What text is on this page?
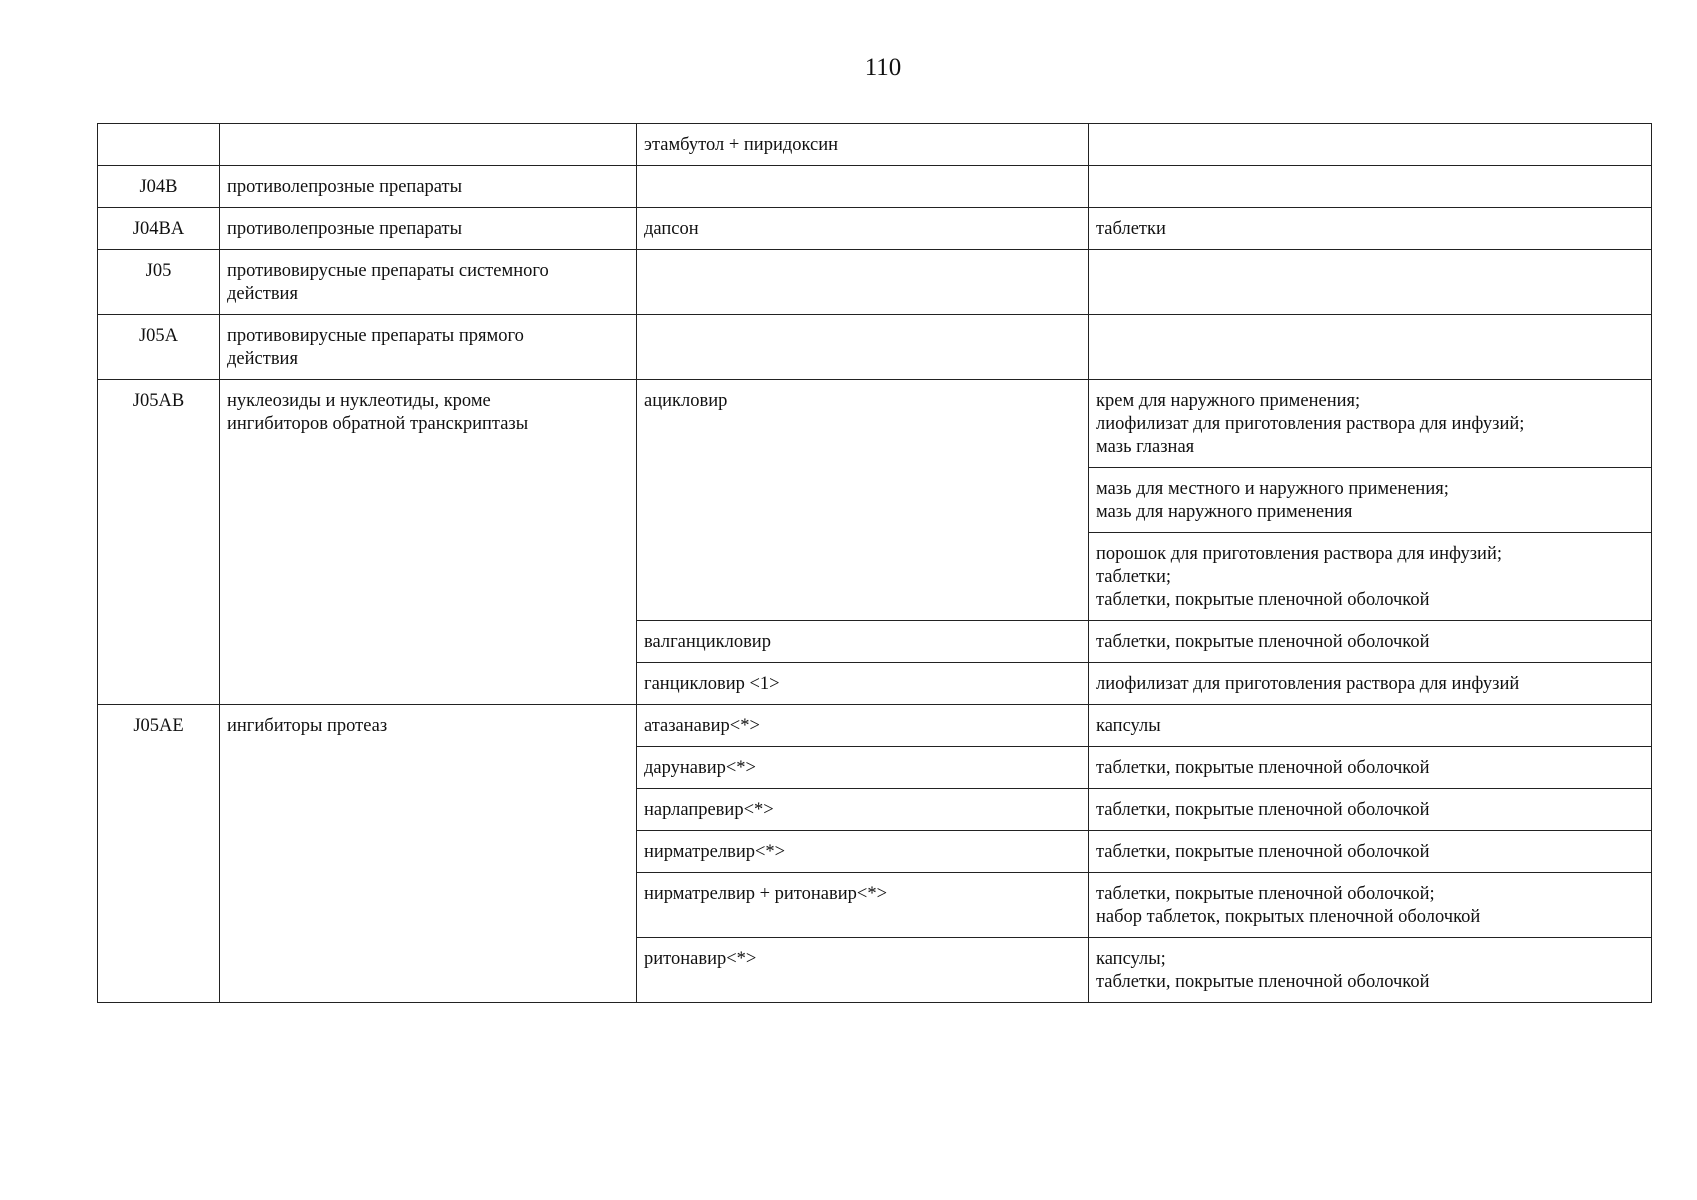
110
		этамбутол + пиридоксин	
J04B	противолепрозные препараты		

J04BA	противолепрозные препараты	дапсон	таблетки

J05	противовирусные препараты системного
действия		

J05A	противовирусные препараты прямого
действия		

J05AB	нуклеозиды и нуклеотиды, кроме
ингибиторов обратной транскриптазы	ацикловир	крем для наружного применения;
лиофилизат для приготовления раствора для инфузий;
мазь глазная

			мазь для местного и наружного применения;
мазь для наружного применения

			порошок для приготовления раствора для инфузий;
таблетки;
таблетки, покрытые пленочной оболочкой

		валганцикловир	таблетки, покрытые пленочной оболочкой

		ганцикловир <1>	лиофилизат для приготовления раствора для инфузий

J05AE	ингибиторы протеаз	атазанавир<*>	капсулы

		дарунавир<*>	таблетки, покрытые пленочной оболочкой

		нарлапревир<*>	таблетки, покрытые пленочной оболочкой

		нирматрелвир<*>	таблетки, покрытые пленочной оболочкой

		нирматрелвир + ритонавир<*>	таблетки, покрытые пленочной оболочкой;
набор таблеток, покрытых пленочной оболочкой

		ритонавир<*>	капсулы;
таблетки, покрытые пленочной оболочкой
